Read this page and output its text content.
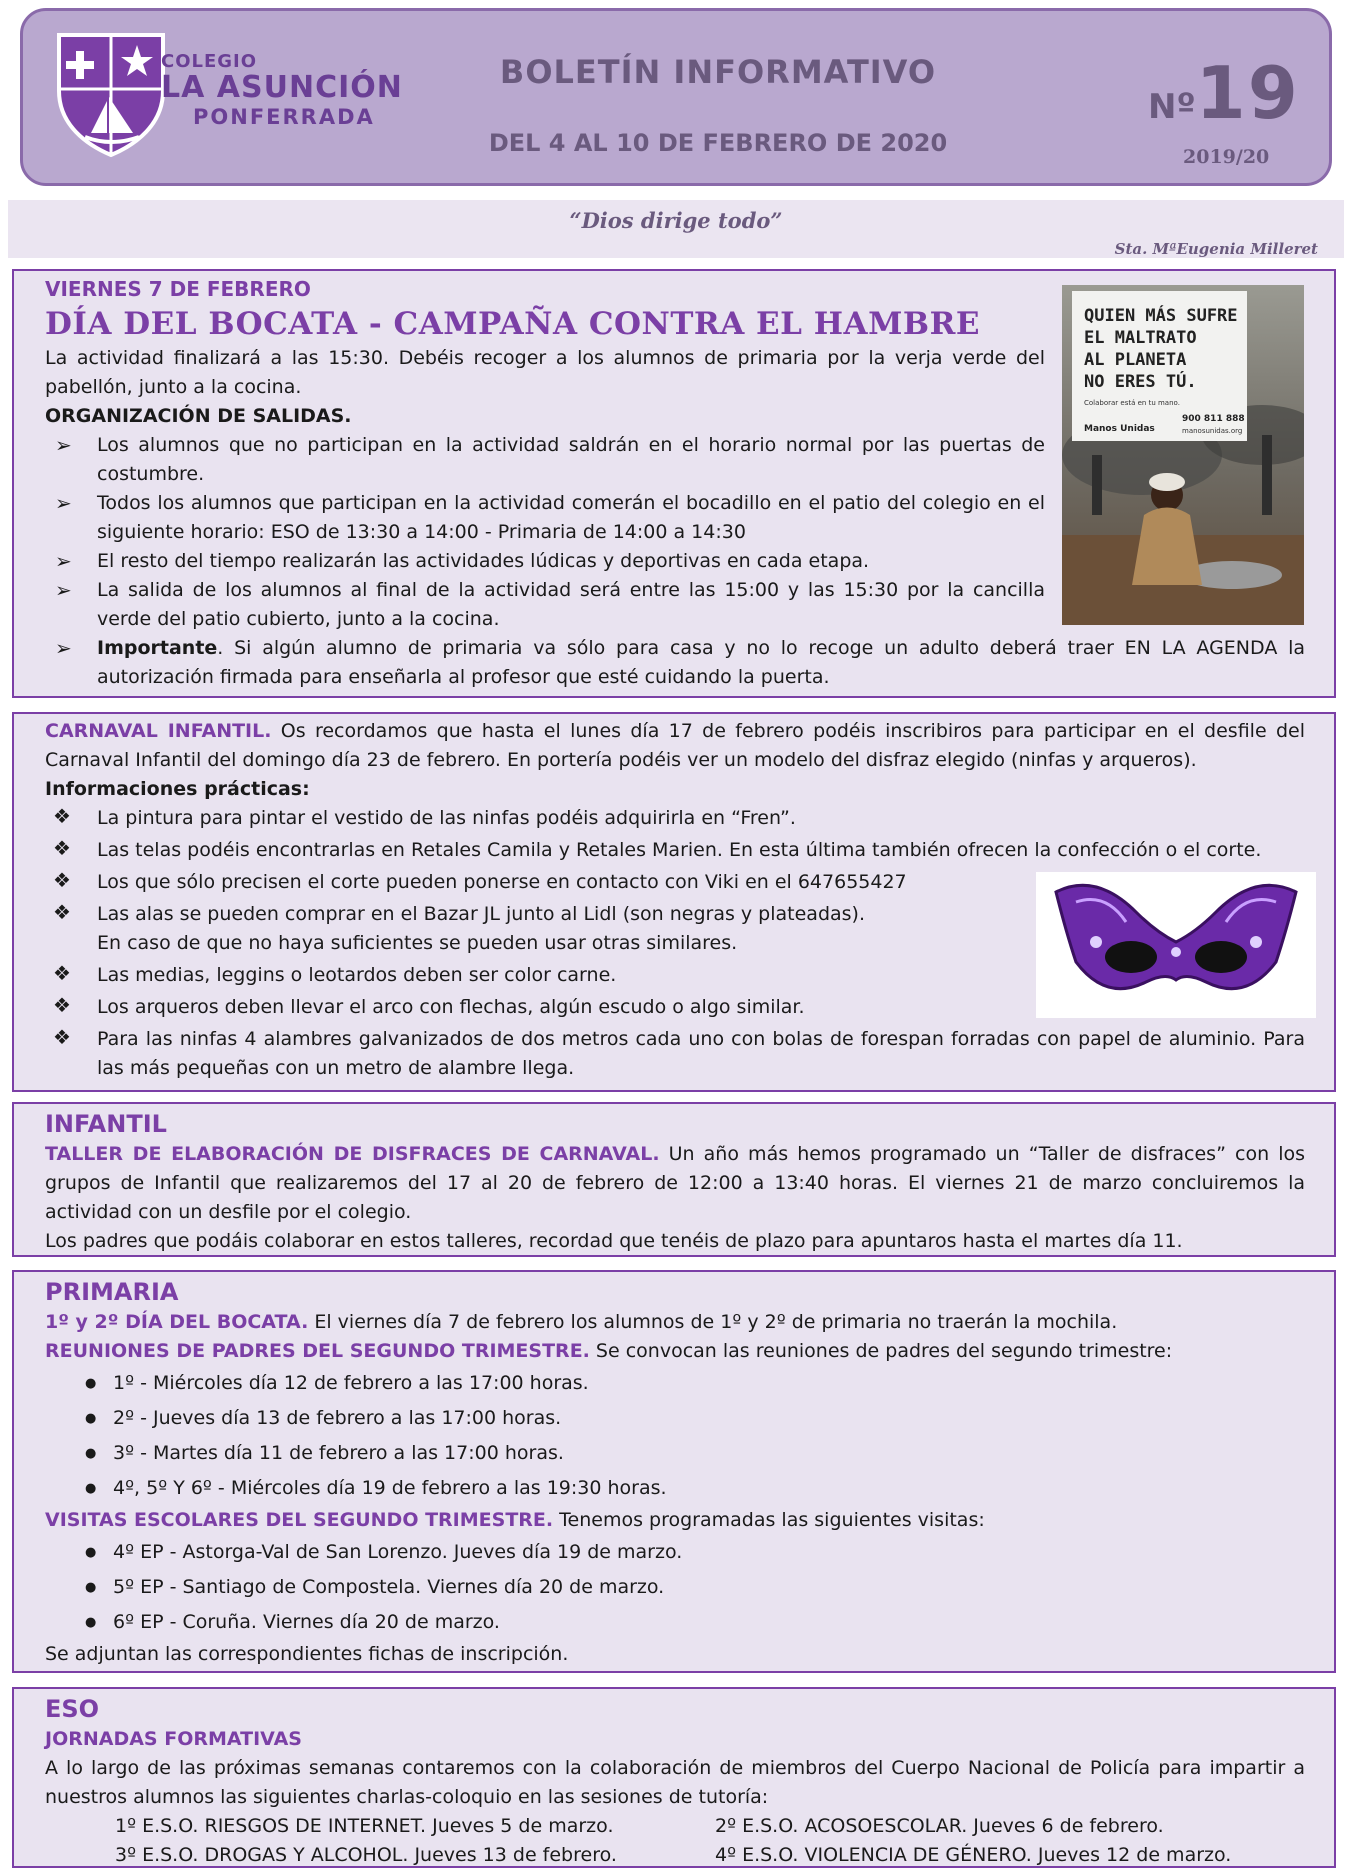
COLEGIO
LA ASUNCIÓN
PONFERRADA
BOLETÍN INFORMATIVO
DEL 4 AL 10 DE FEBRERO DE 2020
Nº19
2019/20
“Dios dirige todo”
Sta. MªEugenia Milleret
VIERNES 7 DE FEBRERO
DÍA DEL BOCATA - CAMPAÑA CONTRA EL HAMBRE	QUIEN MÁS SUFRE
EL MALTRATO
AL PLANETA
NO ERES TÚ.
Colaborar está en tu mano.
Manos Unidas
900 811 888
manosunidas.org
La actividad finalizará a las 15:30. Debéis recoger a los alumnos de primaria por la verja verde del pabellón, junto a la cocina.
ORGANIZACIÓN DE SALIDAS.
➢ Los alumnos que no participan en la actividad saldrán en el horario normal por las puertas de costumbre.
➢ Todos los alumnos que participan en la actividad comerán el bocadillo en el patio del colegio en el siguiente horario: ESO de 13:30 a 14:00 - Primaria de 14:00 a 14:30
➢ El resto del tiempo realizarán las actividades lúdicas y deportivas en cada etapa.
➢ La salida de los alumnos al final de la actividad será entre las 15:00 y las 15:30 por la cancilla verde del patio cubierto, junto a la cocina.
➢ Importante. Si algún alumno de primaria va sólo para casa y no lo recoge un adulto deberá traer EN LA AGENDA la autorización firmada para enseñarla al profesor que esté cuidando la puerta.
CARNAVAL INFANTIL. Os recordamos que hasta el lunes día 17 de febrero podéis inscribiros para participar en el desfile del Carnaval Infantil del domingo día 23 de febrero. En portería podéis ver un modelo del disfraz elegido (ninfas y arqueros).
Informaciones prácticas:
❖ La pintura para pintar el vestido de las ninfas podéis adquirirla en “Fren”.
❖ Las telas podéis encontrarlas en Retales Camila y Retales Marien. En esta última también ofrecen la confección o el corte.
❖ Los que sólo precisen el corte pueden ponerse en contacto con Viki en el 647655427
❖ Las alas se pueden comprar en el Bazar JL junto al Lidl (son negras y plateadas).
En caso de que no haya suficientes se pueden usar otras similares.
❖ Las medias, leggins o leotardos deben ser color carne.
❖ Los arqueros deben llevar el arco con flechas, algún escudo o algo similar.
❖ Para las ninfas 4 alambres galvanizados de dos metros cada uno con bolas de forespan forradas con papel de aluminio. Para las más pequeñas con un metro de alambre llega.
INFANTIL
TALLER DE ELABORACIÓN DE DISFRACES DE CARNAVAL. Un año más hemos programado un “Taller de disfraces” con los grupos de Infantil que realizaremos del 17 al 20 de febrero de 12:00 a 13:40 horas. El viernes 21 de marzo concluiremos la actividad con un desfile por el colegio.
Los padres que podáis colaborar en estos talleres, recordad que tenéis de plazo para apuntaros hasta el martes día 11.
PRIMARIA
1º y 2º DÍA DEL BOCATA. El viernes día 7 de febrero los alumnos de 1º y 2º de primaria no traerán la mochila.
REUNIONES DE PADRES DEL SEGUNDO TRIMESTRE. Se convocan las reuniones de padres del segundo trimestre:
● 1º - Miércoles día 12 de febrero a las 17:00 horas.
● 2º - Jueves día 13 de febrero a las 17:00 horas.
● 3º - Martes día 11 de febrero a las 17:00 horas.
● 4º, 5º Y 6º - Miércoles día 19 de febrero a las 19:30 horas.
VISITAS ESCOLARES DEL SEGUNDO TRIMESTRE. Tenemos programadas las siguientes visitas:
● 4º EP - Astorga-Val de San Lorenzo. Jueves día 19 de marzo.
● 5º EP - Santiago de Compostela. Viernes día 20 de marzo.
● 6º EP - Coruña. Viernes día 20 de marzo.
Se adjuntan las correspondientes fichas de inscripción.
ESO
JORNADAS FORMATIVAS
A lo largo de las próximas semanas contaremos con la colaboración de miembros del Cuerpo Nacional de Policía para impartir a nuestros alumnos las siguientes charlas-coloquio en las sesiones de tutoría:
1º E.S.O. RIESGOS DE INTERNET. Jueves 5 de marzo.
3º E.S.O. DROGAS Y ALCOHOL. Jueves 13 de febrero.
2º E.S.O. ACOSOESCOLAR. Jueves 6 de febrero.
4º E.S.O. VIOLENCIA DE GÉNERO. Jueves 12 de marzo.
